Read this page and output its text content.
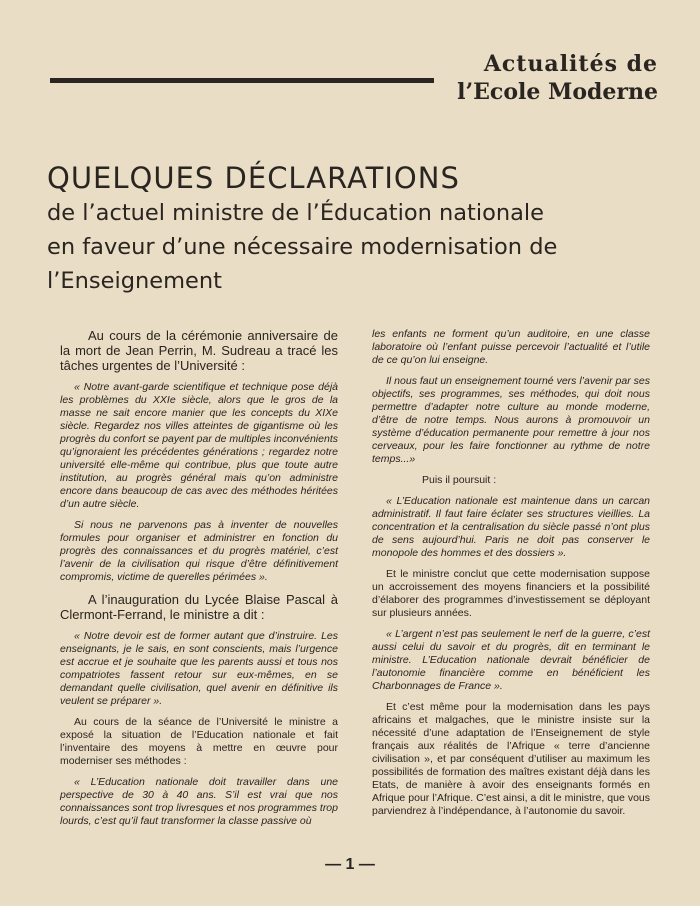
Actualités de
l’Ecole Moderne
QUELQUES DÉCLARATIONS
de l’actuel ministre de l’Éducation nationale
en faveur d’une nécessaire modernisation de
l’Enseignement

Au cours de la cérémonie anniversaire de la mort de Jean Perrin, M. Sudreau a tracé les tâches urgentes de l’Université :

« Notre avant-garde scientifique et technique pose déjà les problèmes du XXIe siècle, alors que le gros de la masse ne sait encore manier que les concepts du XIXe siècle. Regardez nos villes atteintes de gigantisme où les progrès du confort se payent par de multiples inconvénients qu’ignoraient les précédentes générations ; regardez notre université elle-même qui contribue, plus que toute autre institution, au progrès général mais qu’on administre encore dans beaucoup de cas avec des méthodes héritées d’un autre siècle.

Si nous ne parvenons pas à inventer de nouvelles formules pour organiser et administrer en fonction du progrès des connaissances et du progrès matériel, c’est l’avenir de la civilisation qui risque d’être définitivement compromis, victime de querelles périmées ».

A l’inauguration du Lycée Blaise Pascal à Clermont-Ferrand, le ministre a dit :

« Notre devoir est de former autant que d’instruire. Les enseignants, je le sais, en sont conscients, mais l’urgence est accrue et je souhaite que les parents aussi et tous nos compatriotes fassent retour sur eux-mêmes, en se demandant quelle civilisation, quel avenir en définitive ils veulent se préparer ».

Au cours de la séance de l’Université le ministre a exposé la situation de l’Education nationale et fait l’inventaire des moyens à mettre en œuvre pour moderniser ses méthodes :

« L’Education nationale doit travailler dans une perspective de 30 à 40 ans. S’il est vrai que nos connaissances sont trop livresques et nos programmes trop lourds, c’est qu’il faut transformer la classe passive où

les enfants ne forment qu’un auditoire, en une classe laboratoire où l’enfant puisse percevoir l’actualité et l’utile de ce qu’on lui enseigne.

Il nous faut un enseignement tourné vers l’avenir par ses objectifs, ses programmes, ses méthodes, qui doit nous permettre d’adapter notre culture au monde moderne, d’être de notre temps. Nous aurons à promouvoir un système d’éducation permanente pour remettre à jour nos cerveaux, pour les faire fonctionner au rythme de notre temps...»

Puis il poursuit :

« L’Education nationale est maintenue dans un carcan administratif. Il faut faire éclater ses structures vieillies. La concentration et la centralisation du siècle passé n’ont plus de sens aujourd’hui. Paris ne doit pas conserver le monopole des hommes et des dossiers ».

Et le ministre conclut que cette modernisation suppose un accroissement des moyens financiers et la possibilité d’élaborer des programmes d’investissement se déployant sur plusieurs années.

« L’argent n’est pas seulement le nerf de la guerre, c’est aussi celui du savoir et du progrès, dit en terminant le ministre. L’Education nationale devrait bénéficier de l’autonomie financière comme en bénéficient les Charbonnages de France ».

Et c’est même pour la modernisation dans les pays africains et malgaches, que le ministre insiste sur la nécessité d’une adaptation de l’Enseignement de style français aux réalités de l’Afrique « terre d’ancienne civilisation », et par conséquent d’utiliser au maximum les possibilités de formation des maîtres existant déjà dans les Etats, de manière à avoir des enseignants formés en Afrique pour l’Afrique. C’est ainsi, a dit le ministre, que vous parviendrez à l’indépendance, à l’autonomie du savoir.

— 1 —
